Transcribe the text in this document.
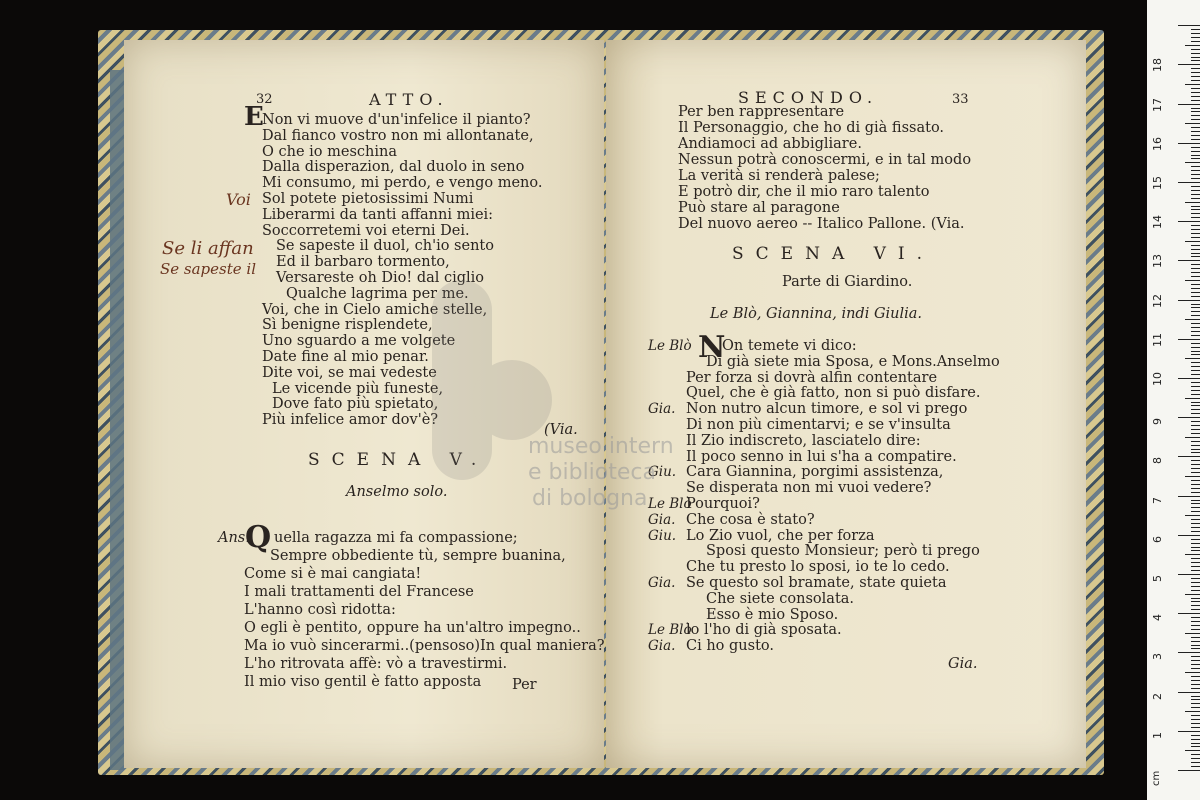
32	ATTO.
E
Non vi muove d'un'infelice il pianto?
Dal fianco vostro non mi allontanate,
O che io meschina
Dalla disperazion, dal duolo in seno
Mi consumo, mi perdo, e vengo meno.
Sol potete pietosissimi Numi
Liberarmi da tanti affanni miei:
Soccorretemi voi eterni Dei.
Se sapeste il duol, ch'io sento
Ed il barbaro tormento,
Versareste oh Dio! dal ciglio
Qualche lagrima per me.
Voi, che in Cielo amiche stelle,
Sì benigne risplendete,
Uno sguardo a me volgete
Date fine al mio penar.
Dite voi, se mai vedeste
Le vicende più funeste,
Dove fato più spietato,
Più infelice amor dov'è?
(Via.
SCENA V.
Anselmo solo.
Ans.
Q uella ragazza mi fa compassione;
Sempre obbediente tù, sempre buanina,
Come si è mai cangiata!
I mali trattamenti del Francese
L'hanno così ridotta:
O egli è pentito, oppure ha un'altro impegno..
Ma io vuò sincerarmi..(pensoso)In qual maniera?
L'ho ritrovata affè: vò a travestirmi.
Il mio viso gentil è fatto apposta Per
Voi
Se li affan
Se sapeste il
SECONDO.	33
Per ben rappresentare
Il Personaggio, che ho di già fissato.
Andiamoci ad abbigliare.
Nessun potrà conoscermi, e in tal modo
La verità si renderà palese;
E potrò dir, che il mio raro talento
Può stare al paragone
Del nuovo aereo -- Italico Pallone. (Via.
SCENA VI.
Parte di Giardino.
Le Blò, Giannina, indi Giulia.
N
Le Blò On temete vi dico:
Di già siete mia Sposa, e Mons.Anselmo
Per forza si dovrà alfin contentare
Quel, che è già fatto, non si può disfare.
Gia. Non nutro alcun timore, e sol vi prego
Di non più cimentarvi; e se v'insulta
Il Zio indiscreto, lasciatelo dire:
Il poco senno in lui s'ha a compatire.
Giu. Cara Giannina, porgimi assistenza,
Se disperata non mi vuoi vedere?
Le Blò
Pourquoi?
Gia. Che cosa è stato?
Giu. Lo Zio vuol, che per forza
Sposi questo Monsieur; però ti prego
Che tu presto lo sposi, io te lo cedo.
Gia. Se questo sol bramate, state quieta
Che siete consolata.
Esso è mio Sposo.
Le Blò
lo l'ho di già sposata.
Gia. Ci ho gusto.
Gia.
museo intern
e biblioteca
di bologna
1
2
3
4
5
6
7
8
9
10
11
12
13
14
15
16
17
18
cm
